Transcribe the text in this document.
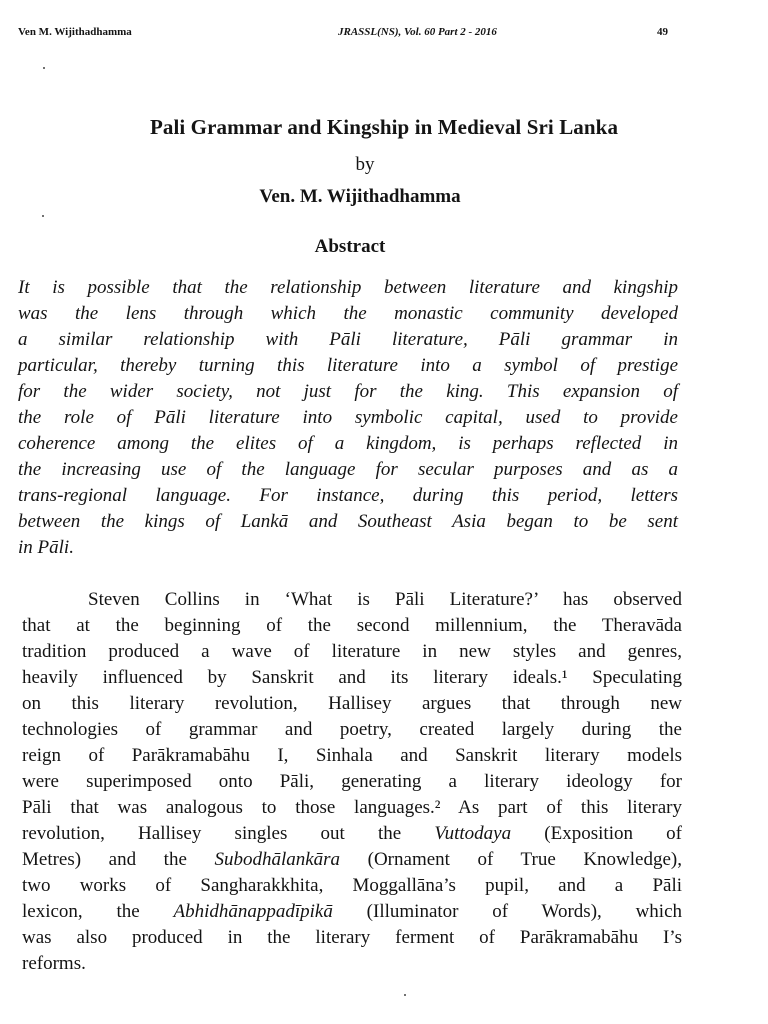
Ven M. Wijithadhamma	JRASSL(NS), Vol. 60 Part 2 - 2016	49
Pali Grammar and Kingship in Medieval Sri Lanka
by
Ven. M. Wijithadhamma
Abstract
It is possible that the relationship between literature and kingship
was the lens through which the monastic community developed
a similar relationship with Pāli literature, Pāli grammar in
particular, thereby turning this literature into a symbol of prestige
for the wider society, not just for the king. This expansion of
the role of Pāli literature into symbolic capital, used to provide
coherence among the elites of a kingdom, is perhaps reflected in
the increasing use of the language for secular purposes and as a
trans-regional language. For instance, during this period, letters
between the kings of Lankā and Southeast Asia began to be sent
in Pāli.
Steven Collins in ‘What is Pāli Literature?’ has observed
that at the beginning of the second millennium, the Theravāda
tradition produced a wave of literature in new styles and genres,
heavily influenced by Sanskrit and its literary ideals.¹ Speculating
on this literary revolution, Hallisey argues that through new
technologies of grammar and poetry, created largely during the
reign of Parākramabāhu I, Sinhala and Sanskrit literary models
were superimposed onto Pāli, generating a literary ideology for
Pāli that was analogous to those languages.² As part of this literary
revolution, Hallisey singles out the Vuttodaya (Exposition of
Metres) and the Subodhālankāra (Ornament of True Knowledge),
two works of Sangharakkhita, Moggallāna’s pupil, and a Pāli
lexicon, the Abhidhānappadīpikā (Illuminator of Words), which
was also produced in the literary ferment of Parākramabāhu I’s
reforms.
